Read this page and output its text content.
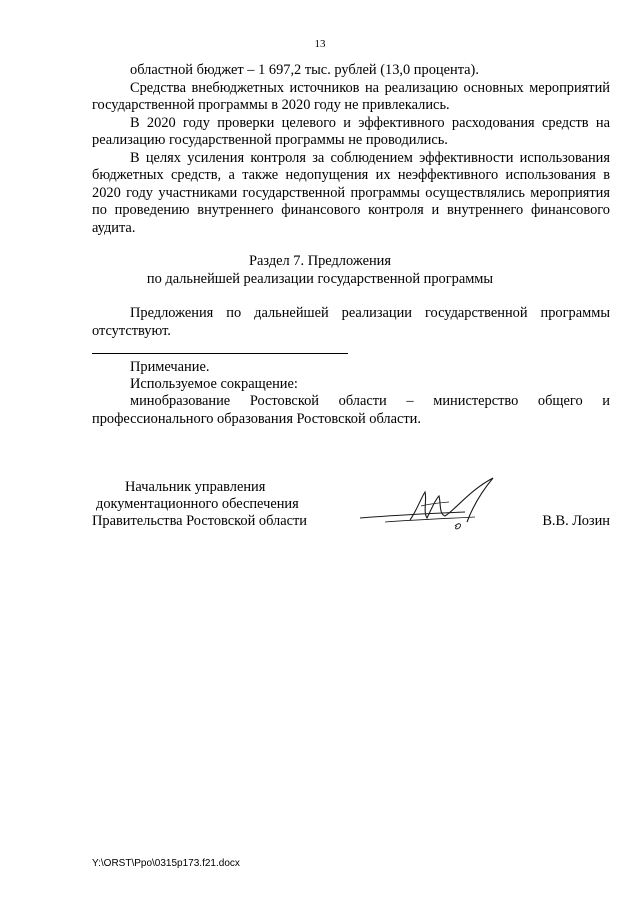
13

областной бюджет – 1 697,2 тыс. рублей (13,0 процента).

Средства внебюджетных источников на реализацию основных мероприятий государственной программы в 2020 году не привлекались.

В 2020 году проверки целевого и эффективного расходования средств на реализацию государственной программы не проводились.

В целях усиления контроля за соблюдением эффективности использования бюджетных средств, а также недопущения их неэффективного использования в 2020 году участниками государственной программы осуществлялись мероприятия по проведению внутреннего финансового контроля и внутреннего финансового аудита.

Раздел 7. Предложения
по дальнейшей реализации государственной программы

Предложения по дальнейшей реализации государственной программы отсутствуют.

Примечание.
Используемое сокращение:

минобразование Ростовской области – министерство общего и профессионального образования Ростовской области.

Начальник управления
документационного обеспечения
Правительства Ростовской области	В.В. Лозин
Y:\ORST\Ppo\0315p173.f21.docx
